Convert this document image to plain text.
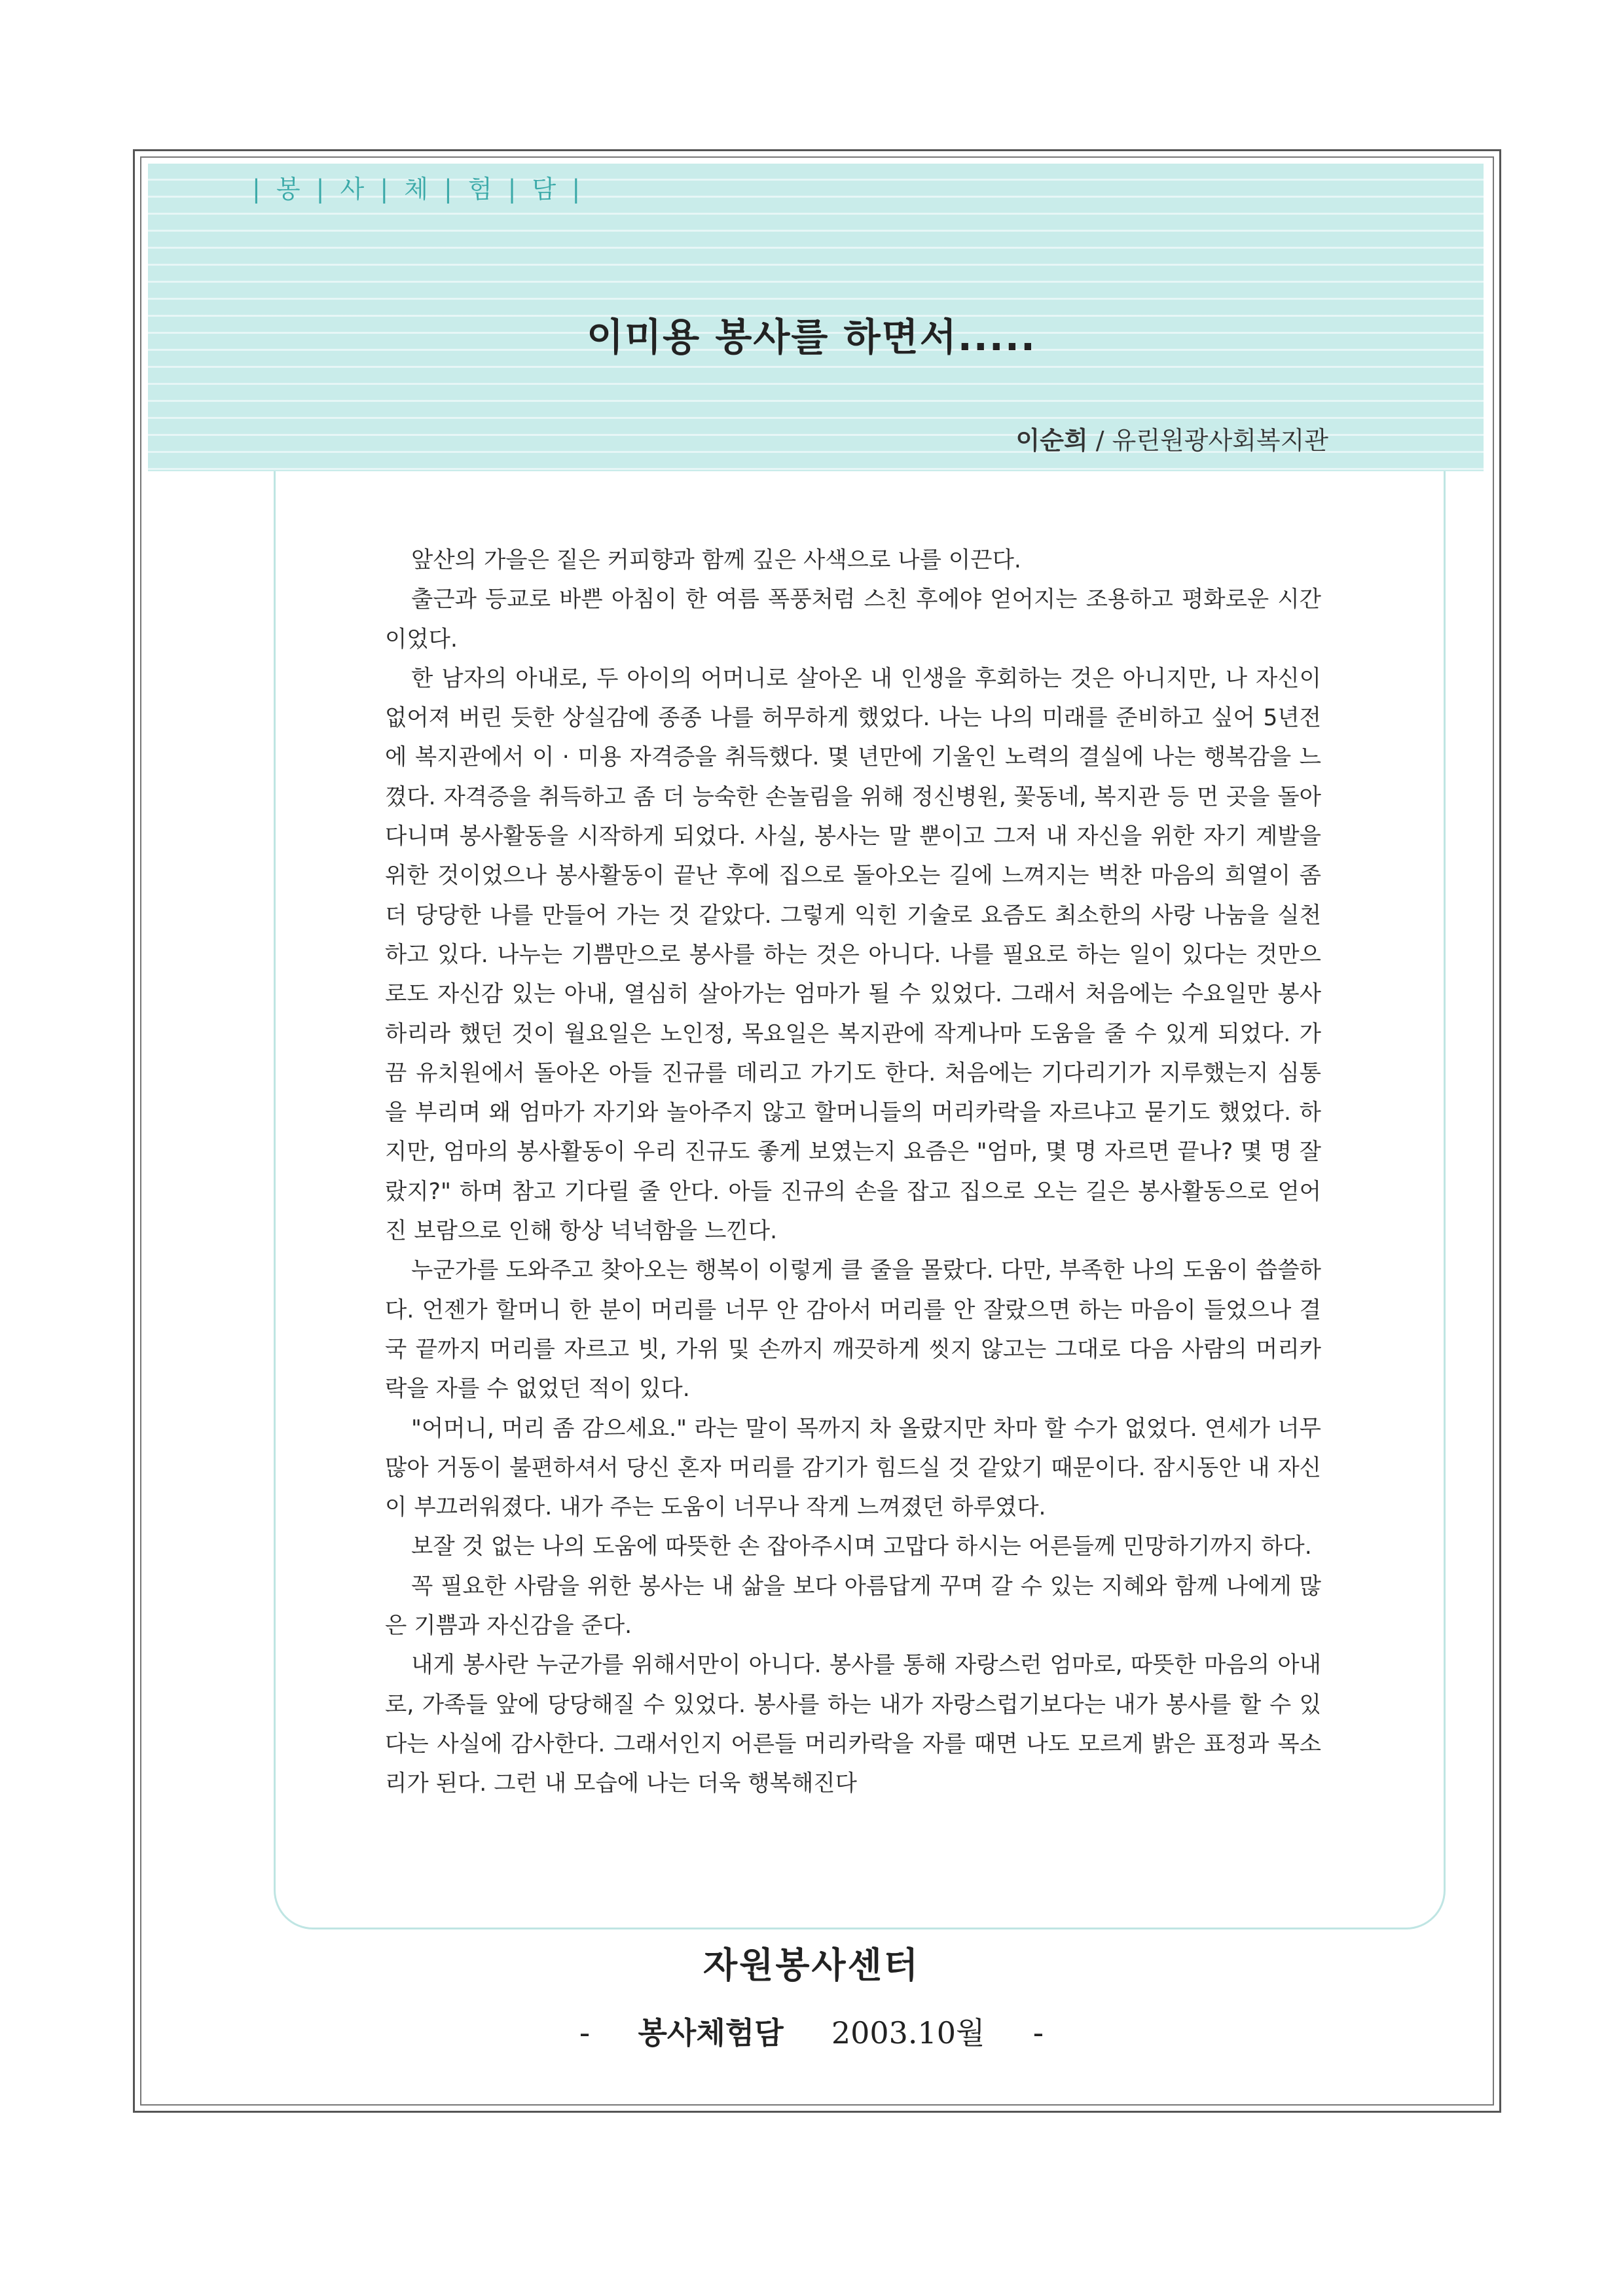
| 봉 | 사 | 체 | 험 | 담 |
이미용 봉사를 하면서.....
이순희 / 유린원광사회복지관

앞산의 가을은 짙은 커피향과 함께 깊은 사색으로 나를 이끈다.

출근과 등교로 바쁜 아침이 한 여름 폭풍처럼 스친 후에야 얻어지는 조용하고 평화로운 시간이었다.

한 남자의 아내로, 두 아이의 어머니로 살아온 내 인생을 후회하는 것은 아니지만, 나 자신이 없어져 버린 듯한 상실감에 종종 나를 허무하게 했었다. 나는 나의 미래를 준비하고 싶어 5년전에 복지관에서 이 · 미용 자격증을 취득했다. 몇 년만에 기울인 노력의 결실에 나는 행복감을 느꼈다. 자격증을 취득하고 좀 더 능숙한 손놀림을 위해 정신병원, 꽃동네, 복지관 등 먼 곳을 돌아다니며 봉사활동을 시작하게 되었다. 사실, 봉사는 말 뿐이고 그저 내 자신을 위한 자기 계발을 위한 것이었으나 봉사활동이 끝난 후에 집으로 돌아오는 길에 느껴지는 벅찬 마음의 희열이 좀 더 당당한 나를 만들어 가는 것 같았다. 그렇게 익힌 기술로 요즘도 최소한의 사랑 나눔을 실천하고 있다. 나누는 기쁨만으로 봉사를 하는 것은 아니다. 나를 필요로 하는 일이 있다는 것만으로도 자신감 있는 아내, 열심히 살아가는 엄마가 될 수 있었다. 그래서 처음에는 수요일만 봉사하리라 했던 것이 월요일은 노인정, 목요일은 복지관에 작게나마 도움을 줄 수 있게 되었다. 가끔 유치원에서 돌아온 아들 진규를 데리고 가기도 한다. 처음에는 기다리기가 지루했는지 심통을 부리며 왜 엄마가 자기와 놀아주지 않고 할머니들의 머리카락을 자르냐고 묻기도 했었다. 하지만, 엄마의 봉사활동이 우리 진규도 좋게 보였는지 요즘은 "엄마, 몇 명 자르면 끝나? 몇 명 잘랐지?" 하며 참고 기다릴 줄 안다. 아들 진규의 손을 잡고 집으로 오는 길은 봉사활동으로 얻어진 보람으로 인해 항상 넉넉함을 느낀다.

누군가를 도와주고 찾아오는 행복이 이렇게 클 줄을 몰랐다. 다만, 부족한 나의 도움이 씁쓸하다. 언젠가 할머니 한 분이 머리를 너무 안 감아서 머리를 안 잘랐으면 하는 마음이 들었으나 결국 끝까지 머리를 자르고 빗, 가위 및 손까지 깨끗하게 씻지 않고는 그대로 다음 사람의 머리카락을 자를 수 없었던 적이 있다.

"어머니, 머리 좀 감으세요." 라는 말이 목까지 차 올랐지만 차마 할 수가 없었다. 연세가 너무 많아 거동이 불편하셔서 당신 혼자 머리를 감기가 힘드실 것 같았기 때문이다. 잠시동안 내 자신이 부끄러워졌다. 내가 주는 도움이 너무나 작게 느껴졌던 하루였다.

보잘 것 없는 나의 도움에 따뜻한 손 잡아주시며 고맙다 하시는 어른들께 민망하기까지 하다.

꼭 필요한 사람을 위한 봉사는 내 삶을 보다 아름답게 꾸며 갈 수 있는 지혜와 함께 나에게 많은 기쁨과 자신감을 준다.

내게 봉사란 누군가를 위해서만이 아니다. 봉사를 통해 자랑스런 엄마로, 따뜻한 마음의 아내로, 가족들 앞에 당당해질 수 있었다. 봉사를 하는 내가 자랑스럽기보다는 내가 봉사를 할 수 있다는 사실에 감사한다. 그래서인지 어른들 머리카락을 자를 때면 나도 모르게 밝은 표정과 목소리가 된다. 그런 내 모습에 나는 더욱 행복해진다

자원봉사센터
- 봉사체험담 2003.10월 -
